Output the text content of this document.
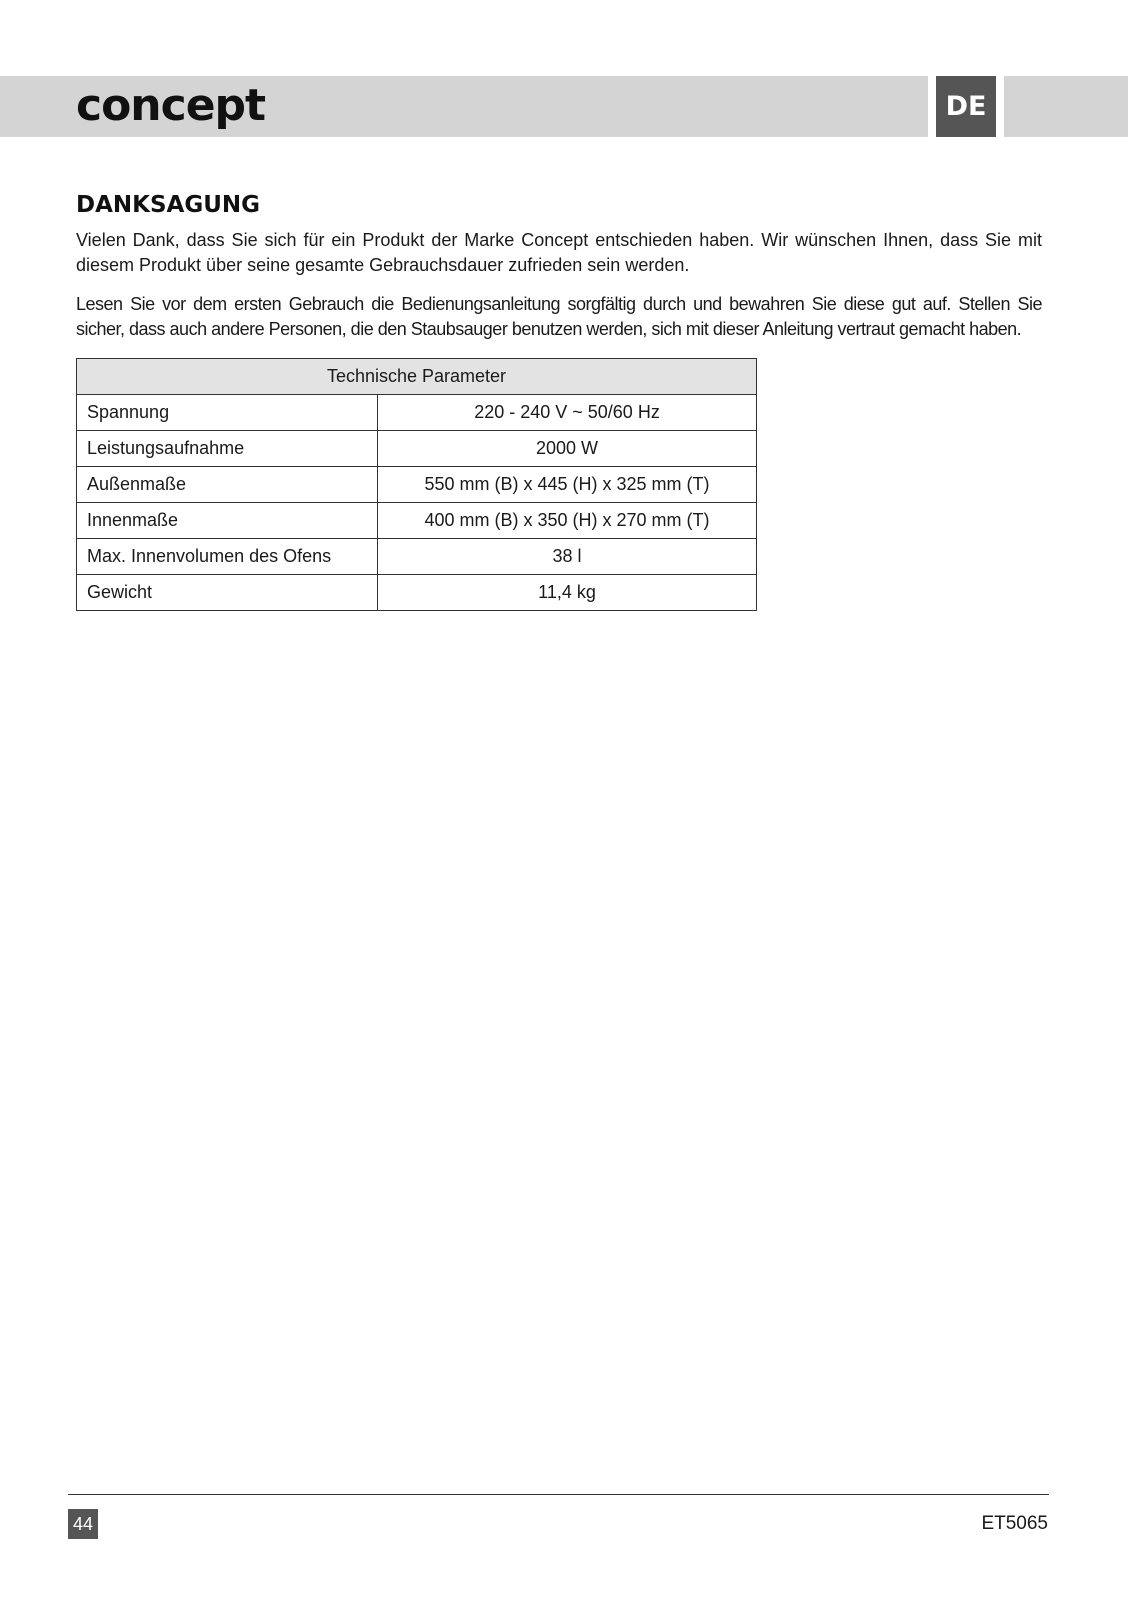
concept	DE
DANKSAGUNG

Vielen Dank, dass Sie sich für ein Produkt der Marke Concept entschieden haben. Wir wünschen Ihnen, dass Sie mit diesem Produkt über seine gesamte Gebrauchsdauer zufrieden sein werden.

Lesen Sie vor dem ersten Gebrauch die Bedienungsanleitung sorgfältig durch und bewahren Sie diese gut auf. Stellen Sie sicher, dass auch andere Personen, die den Staubsauger benutzen werden, sich mit dieser Anleitung vertraut gemacht haben.

Technische Parameter	
Spannung	220 - 240 V ~ 50/60 Hz
Leistungsaufnahme	2000 W
Außenmaße	550 mm (B) x 445 (H) x 325 mm (T)
Innenmaße	400 mm (B) x 350 (H) x 270 mm (T)
Max. Innenvolumen des Ofens	38 l
Gewicht	11,4 kg
44	ET5065
